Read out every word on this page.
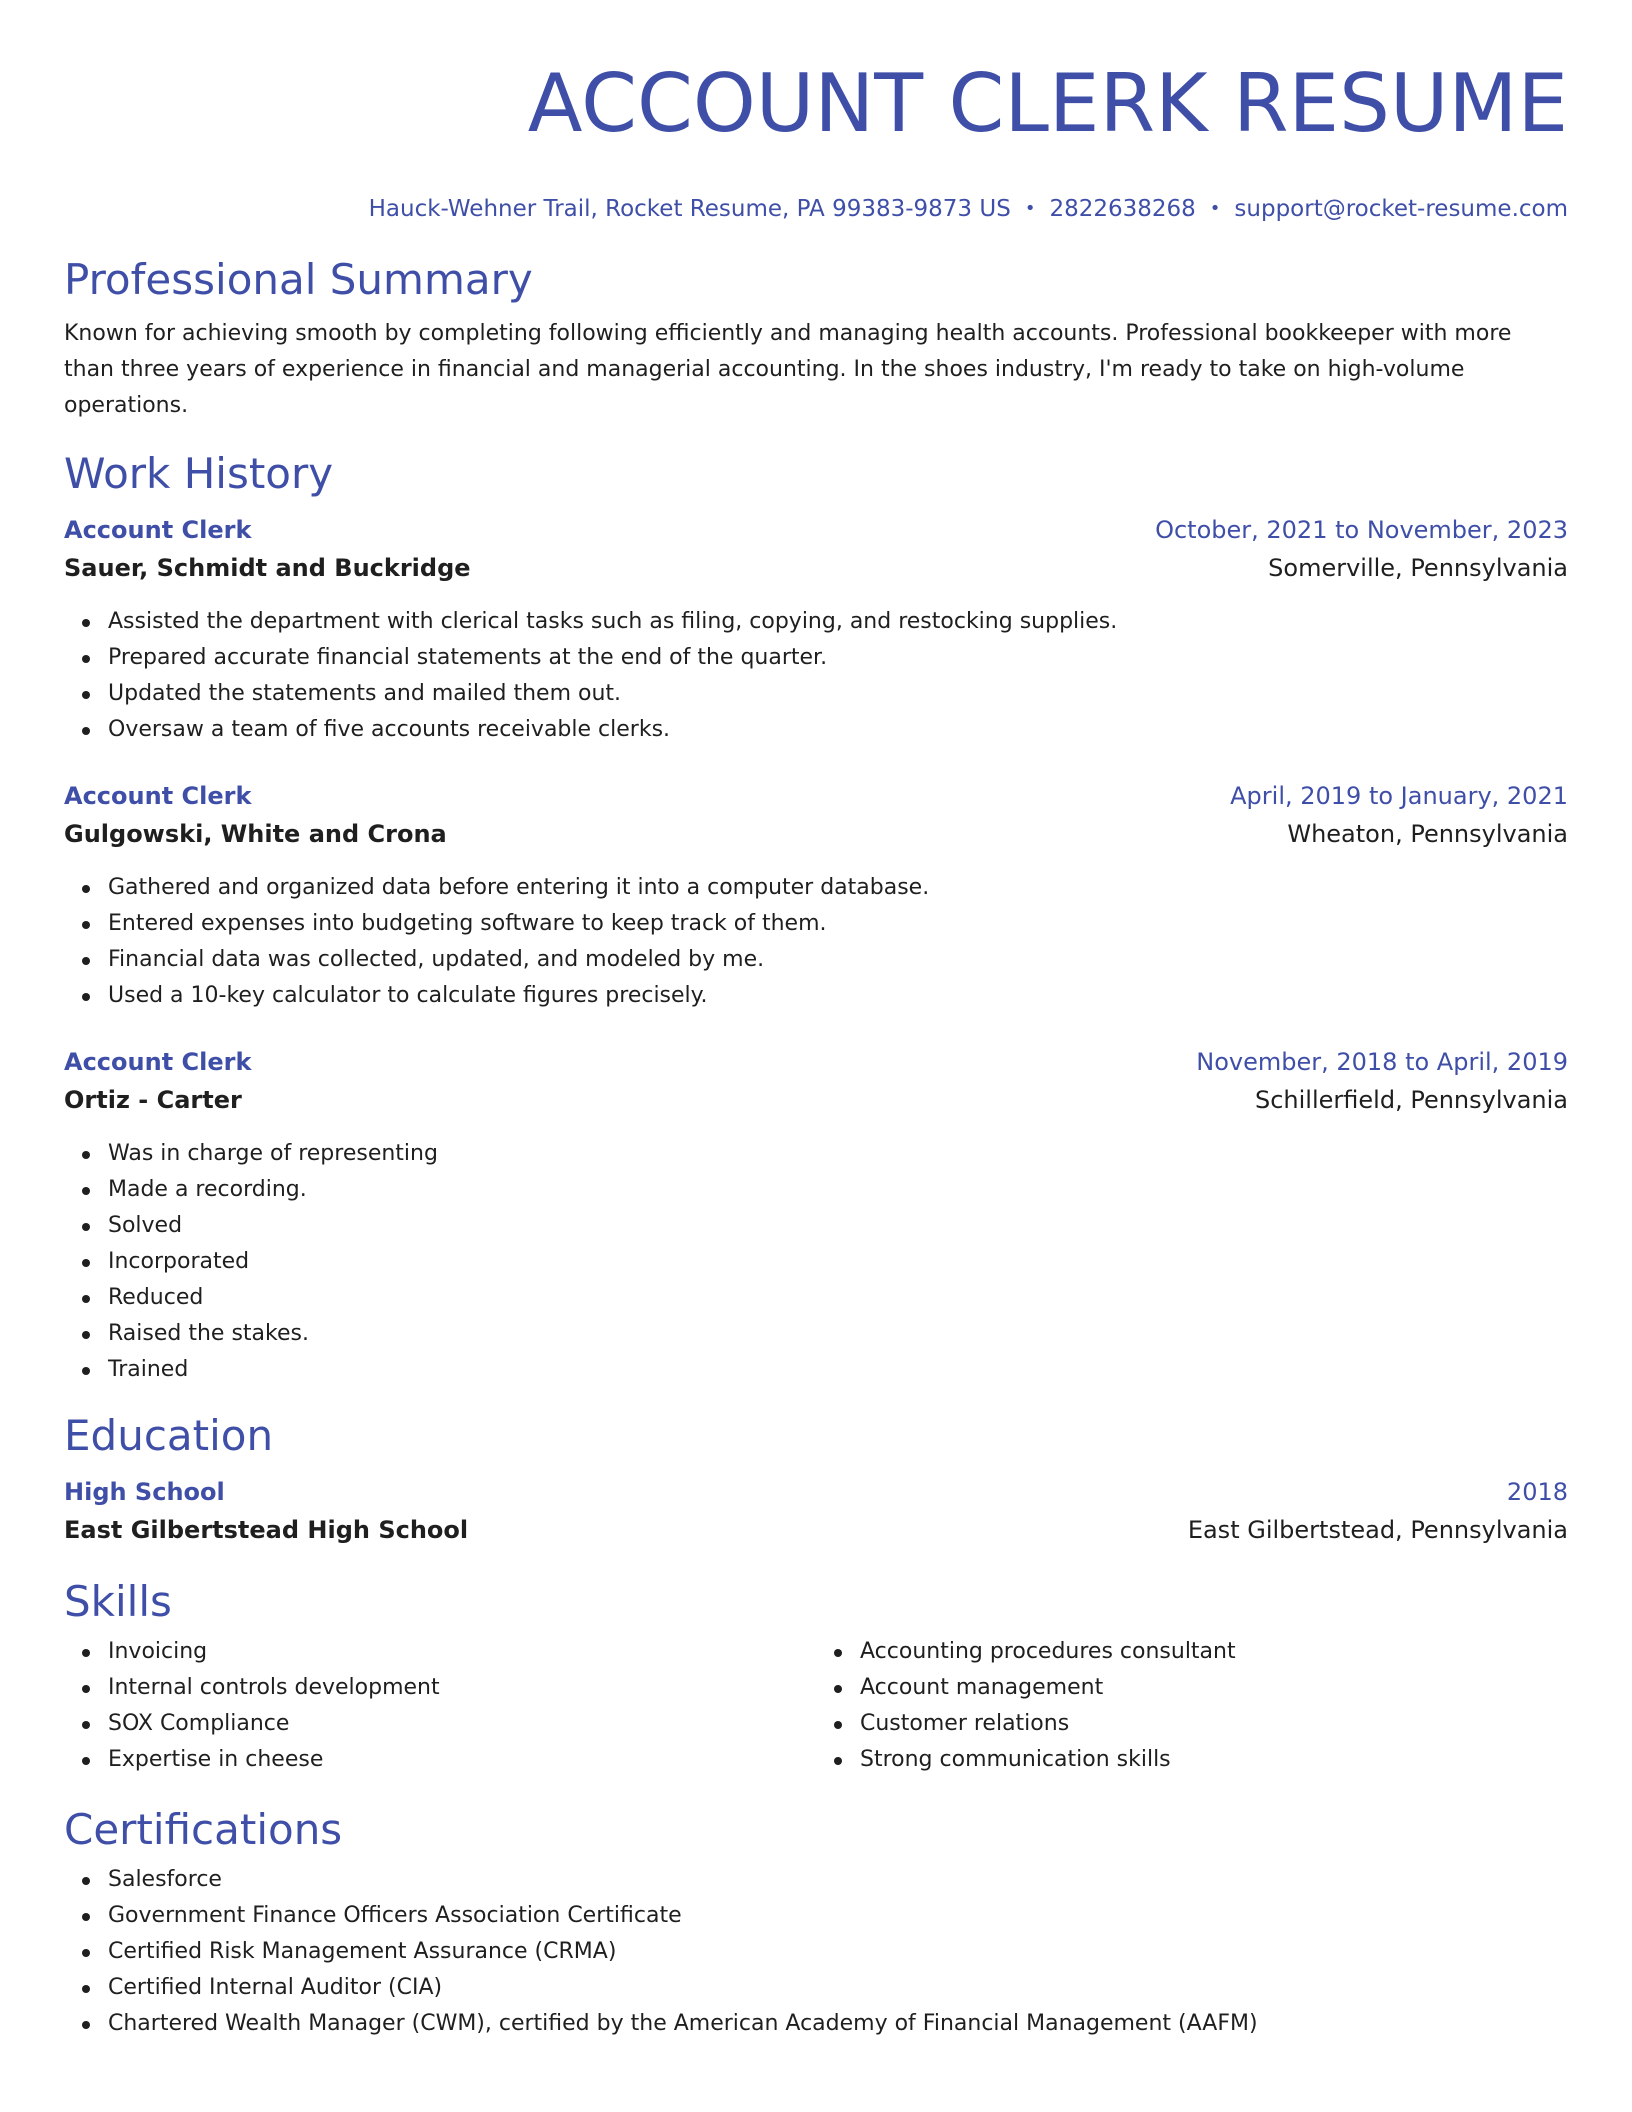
ACCOUNT CLERK RESUME
Hauck-Wehner Trail, Rocket Resume, PA 99383-9873 US • 2822638268 • support@rocket-resume.com
Professional Summary

Known for achieving smooth by completing following efficiently and managing health accounts. Professional bookkeeper with more than three years of experience in financial and managerial accounting. In the shoes industry, I'm ready to take on high-volume operations.

Work History
Account Clerk	October, 2021 to November, 2023
Sauer, Schmidt and Buckridge	Somerville, Pennsylvania
Assisted the department with clerical tasks such as filing, copying, and restocking supplies.
Prepared accurate financial statements at the end of the quarter.
Updated the statements and mailed them out.
Oversaw a team of five accounts receivable clerks.
Account Clerk	April, 2019 to January, 2021
Gulgowski, White and Crona	Wheaton, Pennsylvania
Gathered and organized data before entering it into a computer database.
Entered expenses into budgeting software to keep track of them.
Financial data was collected, updated, and modeled by me.
Used a 10-key calculator to calculate figures precisely.
Account Clerk	November, 2018 to April, 2019
Ortiz - Carter	Schillerfield, Pennsylvania
Was in charge of representing
Made a recording.
Solved
Incorporated
Reduced
Raised the stakes.
Trained
Education
High School	2018
East Gilbertstead High School	East Gilbertstead, Pennsylvania
Skills
Invoicing
Internal controls development
SOX Compliance
Expertise in cheese
Accounting procedures consultant
Account management
Customer relations
Strong communication skills
Certifications
Salesforce
Government Finance Officers Association Certificate
Certified Risk Management Assurance (CRMA)
Certified Internal Auditor (CIA)
Chartered Wealth Manager (CWM), certified by the American Academy of Financial Management (AAFM)
